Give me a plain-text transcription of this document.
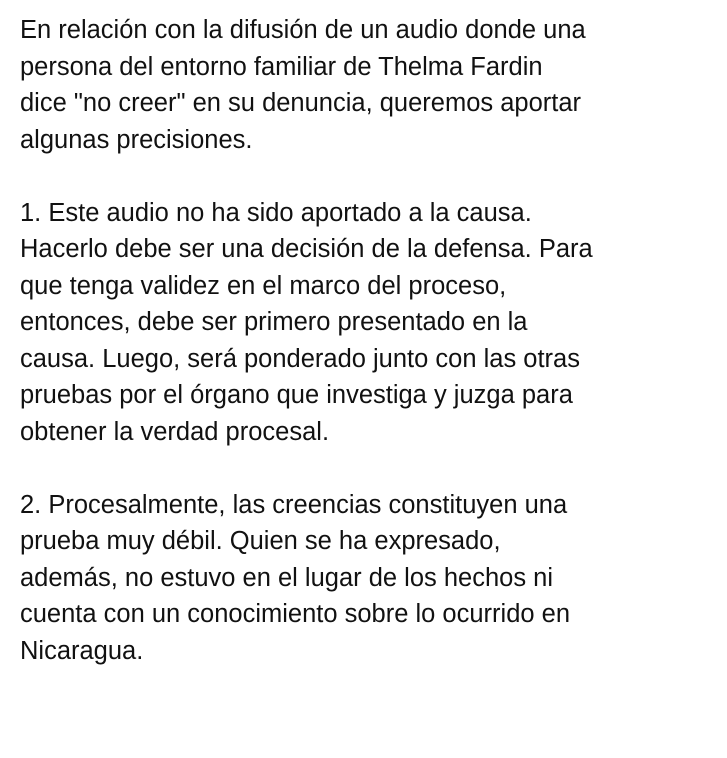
En relación con la difusión de un audio donde una
persona del entorno familiar de Thelma Fardin
dice "no creer" en su denuncia, queremos aportar
algunas precisiones.

1. Este audio no ha sido aportado a la causa.
Hacerlo debe ser una decisión de la defensa. Para
que tenga validez en el marco del proceso,
entonces, debe ser primero presentado en la
causa. Luego, será ponderado junto con las otras
pruebas por el órgano que investiga y juzga para
obtener la verdad procesal.

2. Procesalmente, las creencias constituyen una
prueba muy débil. Quien se ha expresado,
además, no estuvo en el lugar de los hechos ni
cuenta con un conocimiento sobre lo ocurrido en
Nicaragua.
